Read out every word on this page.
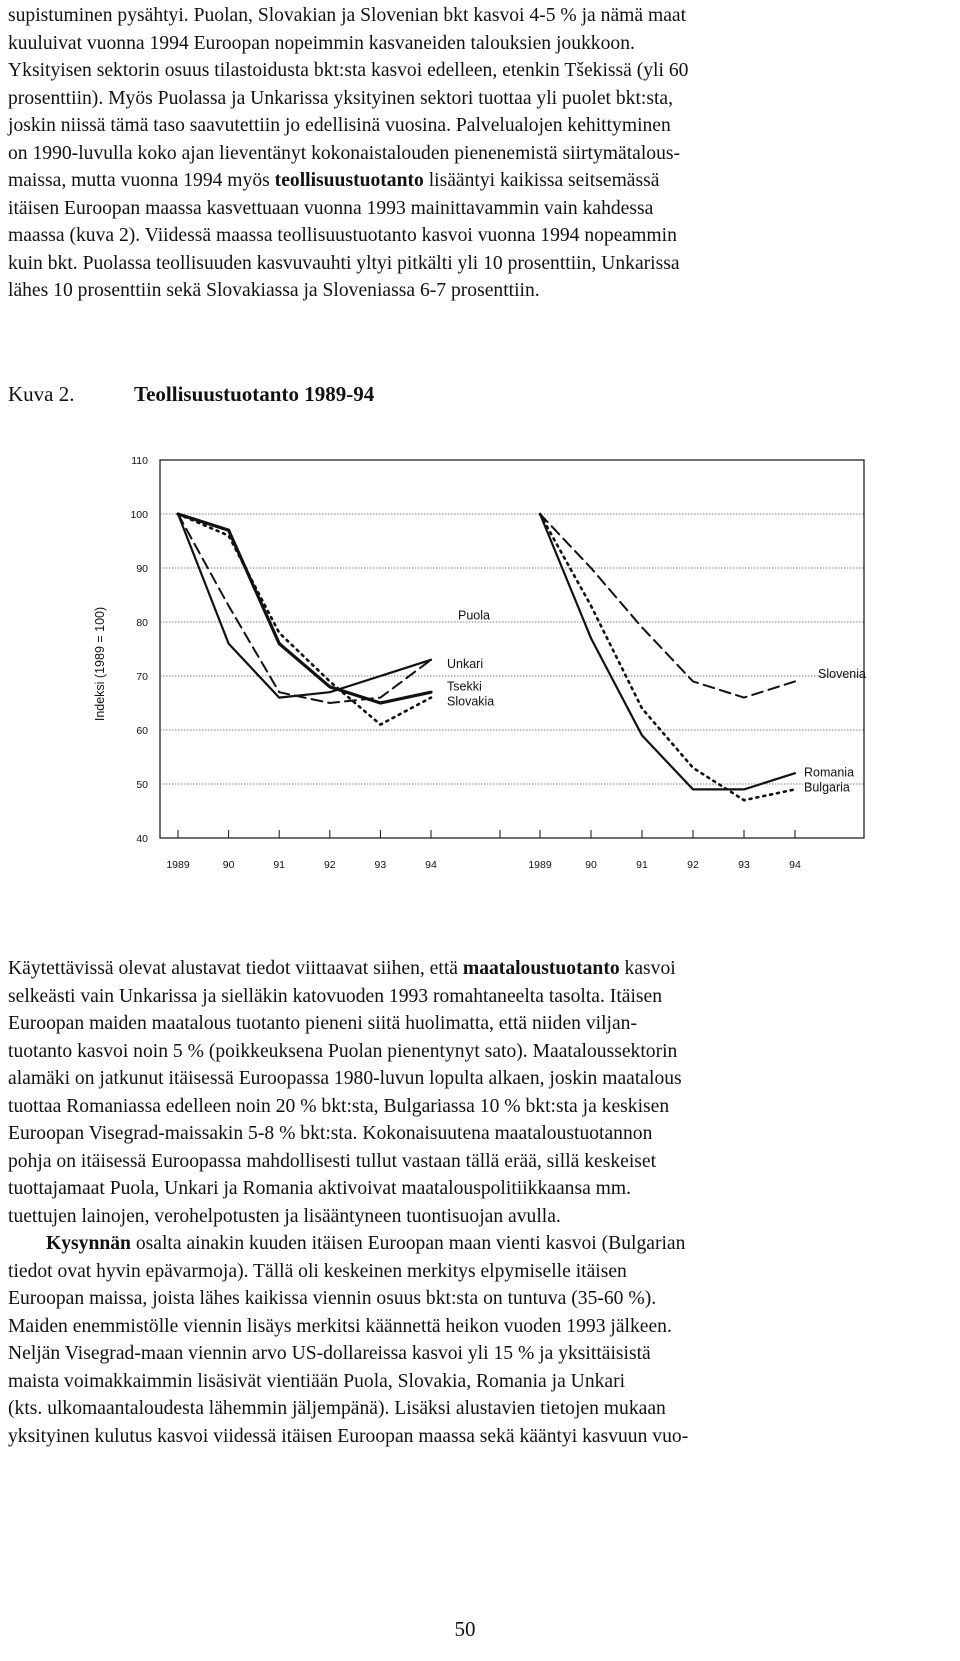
supistuminen pysähtyi. Puolan, Slovakian ja Slovenian bkt kasvoi 4-5 % ja nämä maat
kuuluivat vuonna 1994 Euroopan nopeimmin kasvaneiden talouksien joukkoon.
Yksityisen sektorin osuus tilastoidusta bkt:sta kasvoi edelleen, etenkin Tšekissä (yli 60
prosenttiin). Myös Puolassa ja Unkarissa yksityinen sektori tuottaa yli puolet bkt:sta,
joskin niissä tämä taso saavutettiin jo edellisinä vuosina. Palvelualojen kehittyminen
on 1990-luvulla koko ajan lieventänyt kokonaistalouden pienenemistä siirtymätalous-
maissa, mutta vuonna 1994 myös teollisuustuotanto lisääntyi kaikissa seitsemässä
itäisen Euroopan maassa kasvettuaan vuonna 1993 mainittavammin vain kahdessa
maassa (kuva 2). Viidessä maassa teollisuustuotanto kasvoi vuonna 1994 nopeammin
kuin bkt. Puolassa teollisuuden kasvuvauhti yltyi pitkälti yli 10 prosenttiin, Unkarissa
lähes 10 prosenttiin sekä Slovakiassa ja Sloveniassa 6-7 prosenttiin.
Kuva 2.	Teollisuustuotanto 1989-94
110
100
90
80
70
60
50
40
Indeksi (1989 = 100)
1989	90	91	92	93	94	1989	90	91	92	93	94
Puola
Unkari
Tsekki
Slovakia
Slovenia
Romania
Bulgaria
Käytettävissä olevat alustavat tiedot viittaavat siihen, että maataloustuotanto kasvoi
selkeästi vain Unkarissa ja sielläkin katovuoden 1993 romahtaneelta tasolta. Itäisen
Euroopan maiden maatalous tuotanto pieneni siitä huolimatta, että niiden viljan-
tuotanto kasvoi noin 5 % (poikkeuksena Puolan pienentynyt sato). Maataloussektorin
alamäki on jatkunut itäisessä Euroopassa 1980-luvun lopulta alkaen, joskin maatalous
tuottaa Romaniassa edelleen noin 20 % bkt:sta, Bulgariassa 10 % bkt:sta ja keskisen
Euroopan Visegrad-maissakin 5-8 % bkt:sta. Kokonaisuutena maataloustuotannon
pohja on itäisessä Euroopassa mahdollisesti tullut vastaan tällä erää, sillä keskeiset
tuottajamaat Puola, Unkari ja Romania aktivoivat maatalouspolitiikkaansa mm.
tuettujen lainojen, verohelpotusten ja lisääntyneen tuontisuojan avulla.
Kysynnän osalta ainakin kuuden itäisen Euroopan maan vienti kasvoi (Bulgarian
tiedot ovat hyvin epävarmoja). Tällä oli keskeinen merkitys elpymiselle itäisen
Euroopan maissa, joista lähes kaikissa viennin osuus bkt:sta on tuntuva (35-60 %).
Maiden enemmistölle viennin lisäys merkitsi käännettä heikon vuoden 1993 jälkeen.
Neljän Visegrad-maan viennin arvo US-dollareissa kasvoi yli 15 % ja yksittäisistä
maista voimakkaimmin lisäsivät vientiään Puola, Slovakia, Romania ja Unkari
(kts. ulkomaantaloudesta lähemmin jäljempänä). Lisäksi alustavien tietojen mukaan
yksityinen kulutus kasvoi viidessä itäisen Euroopan maassa sekä kääntyi kasvuun vuo-
50
